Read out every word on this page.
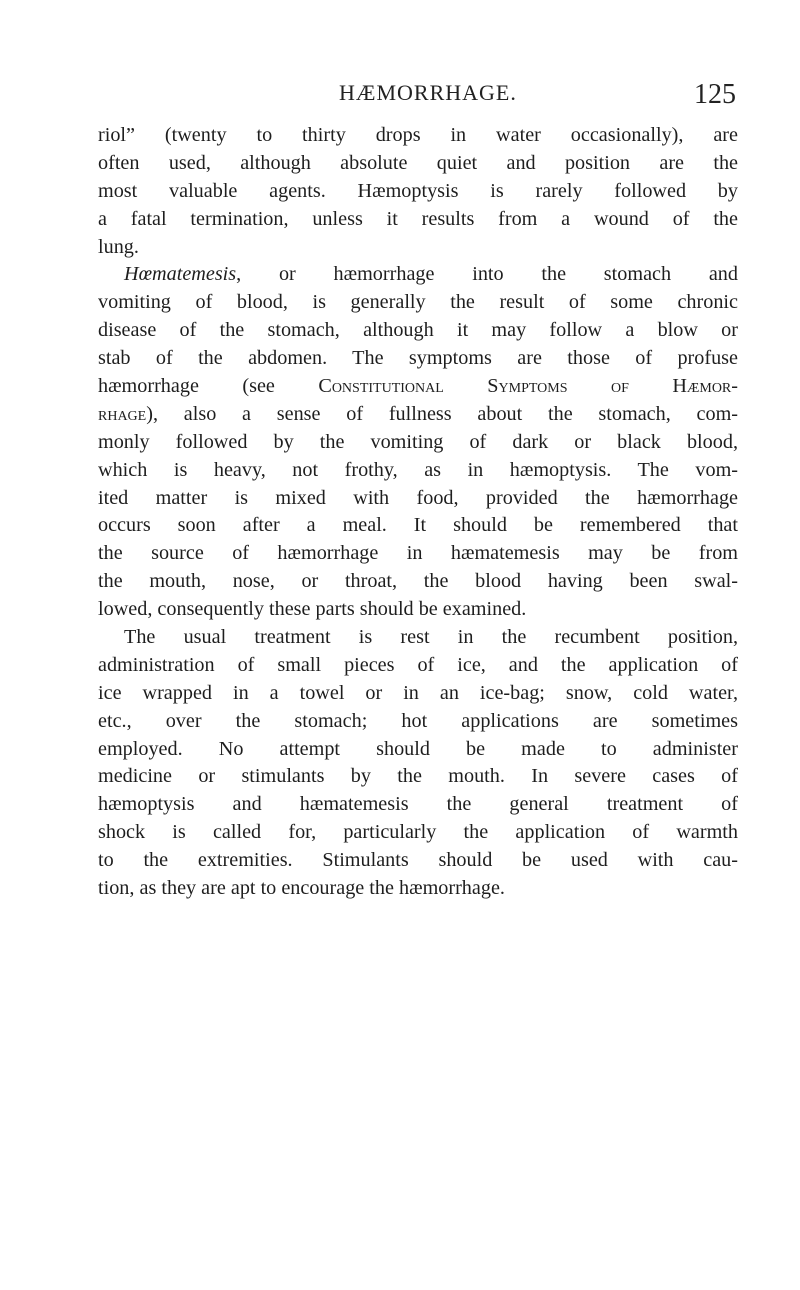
HÆMORRHAGE.	125
riol” (twenty to thirty drops in water occasionally), are
often used, although absolute quiet and position are the
most valuable agents. Hæmoptysis is rarely followed by
a fatal termination, unless it results from a wound of the
lung.
Hœmatemesis, or hæmorrhage into the stomach and
vomiting of blood, is generally the result of some chronic
disease of the stomach, although it may follow a blow or
stab of the abdomen. The symptoms are those of profuse
hæmorrhage (see Constitutional Symptoms of Hæmor-
rhage), also a sense of fullness about the stomach, com-
monly followed by the vomiting of dark or black blood,
which is heavy, not frothy, as in hæmoptysis. The vom-
ited matter is mixed with food, provided the hæmorrhage
occurs soon after a meal. It should be remembered that
the source of hæmorrhage in hæmatemesis may be from
the mouth, nose, or throat, the blood having been swal-
lowed, consequently these parts should be examined.
The usual treatment is rest in the recumbent position,
administration of small pieces of ice, and the application of
ice wrapped in a towel or in an ice-bag; snow, cold water,
etc., over the stomach; hot applications are sometimes
employed. No attempt should be made to administer
medicine or stimulants by the mouth. In severe cases of
hæmoptysis and hæmatemesis the general treatment of
shock is called for, particularly the application of warmth
to the extremities. Stimulants should be used with cau-
tion, as they are apt to encourage the hæmorrhage.
